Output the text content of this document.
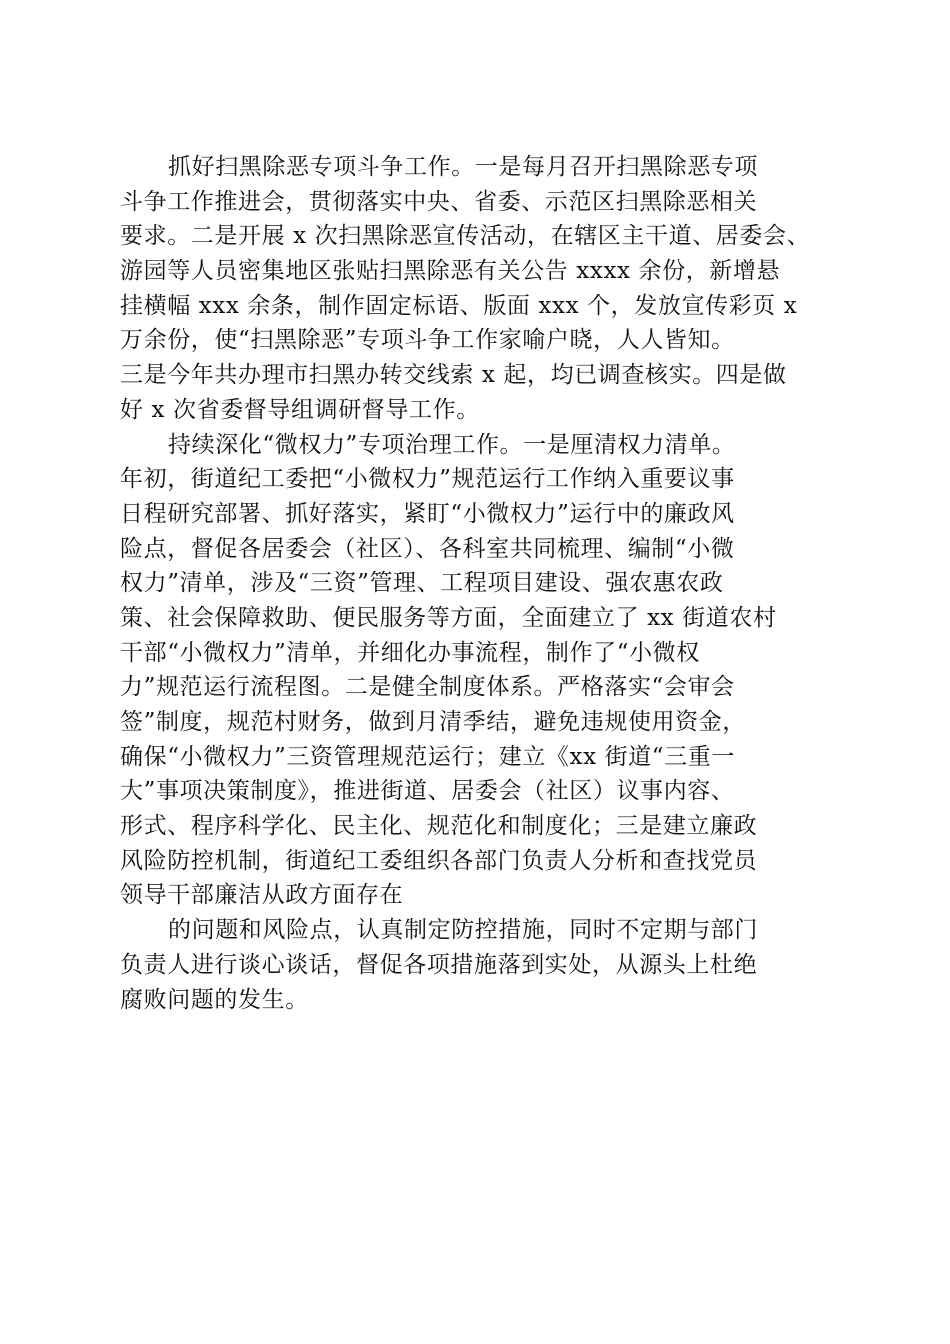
抓好扫黑除恶专项斗争工作。一是每月召开扫黑除恶专项
斗争工作推进会，贯彻落实中央、省委、示范区扫黑除恶相关
要求。二是开展 x 次扫黑除恶宣传活动，在辖区主干道、居委会、
游园等人员密集地区张贴扫黑除恶有关公告 xxxx 余份，新增悬
挂横幅 xxx 余条，制作固定标语、版面 xxx 个，发放宣传彩页 x
万余份，使“扫黑除恶”专项斗争工作家喻户晓，人人皆知。
三是今年共办理市扫黑办转交线索 x 起，均已调查核实。四是做
好 x 次省委督导组调研督导工作。
持续深化“微权力”专项治理工作。一是厘清权力清单。
年初，街道纪工委把“小微权力”规范运行工作纳入重要议事
日程研究部署、抓好落实，紧盯“小微权力”运行中的廉政风
险点，督促各居委会（社区）、各科室共同梳理、编制“小微
权力”清单，涉及“三资”管理、工程项目建设、强农惠农政
策、社会保障救助、便民服务等方面，全面建立了 xx 街道农村
干部“小微权力”清单，并细化办事流程，制作了“小微权
力”规范运行流程图。二是健全制度体系。严格落实“会审会
签”制度，规范村财务，做到月清季结，避免违规使用资金，
确保“小微权力”三资管理规范运行；建立《xx 街道“三重一
大”事项决策制度》，推进街道、居委会（社区）议事内容、
形式、程序科学化、民主化、规范化和制度化；三是建立廉政
风险防控机制，街道纪工委组织各部门负责人分析和查找党员
领导干部廉洁从政方面存在
的问题和风险点，认真制定防控措施，同时不定期与部门
负责人进行谈心谈话，督促各项措施落到实处，从源头上杜绝
腐败问题的发生。
